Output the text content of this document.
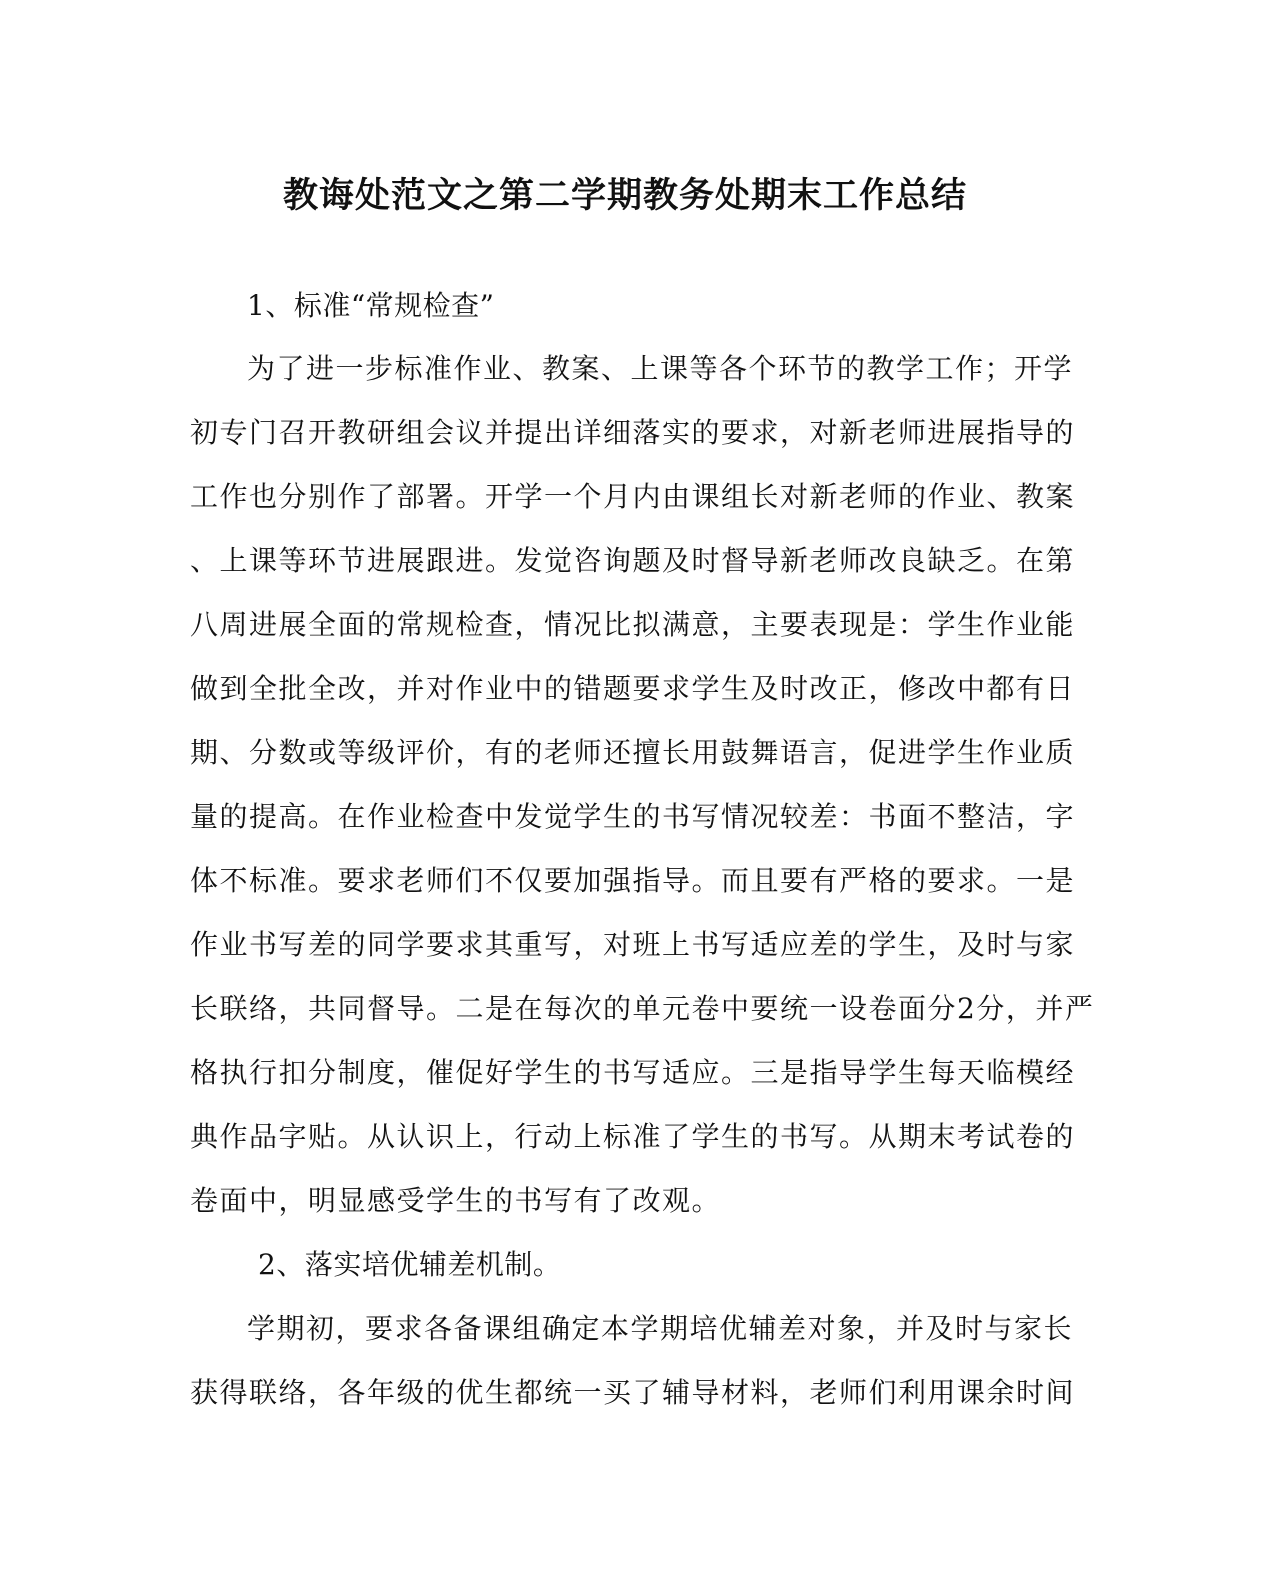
教诲处范文之第二学期教务处期末工作总结
1、标准“常规检查”
为了进一步标准作业、教案、上课等各个环节的教学工作；开学
初专门召开教研组会议并提出详细落实的要求，对新老师进展指导的
工作也分别作了部署。开学一个月内由课组长对新老师的作业、教案
、上课等环节进展跟进。发觉咨询题及时督导新老师改良缺乏。在第
八周进展全面的常规检查，情况比拟满意，主要表现是：学生作业能
做到全批全改，并对作业中的错题要求学生及时改正，修改中都有日
期、分数或等级评价，有的老师还擅长用鼓舞语言，促进学生作业质
量的提高。在作业检查中发觉学生的书写情况较差：书面不整洁，字
体不标准。要求老师们不仅要加强指导。而且要有严格的要求。一是
作业书写差的同学要求其重写，对班上书写适应差的学生，及时与家
长联络，共同督导。二是在每次的单元卷中要统一设卷面分2分，并严
格执行扣分制度，催促好学生的书写适应。三是指导学生每天临模经
典作品字贴。从认识上，行动上标准了学生的书写。从期末考试卷的
卷面中，明显感受学生的书写有了改观。
2、落实培优辅差机制。
学期初，要求各备课组确定本学期培优辅差对象，并及时与家长
获得联络，各年级的优生都统一买了辅导材料，老师们利用课余时间
